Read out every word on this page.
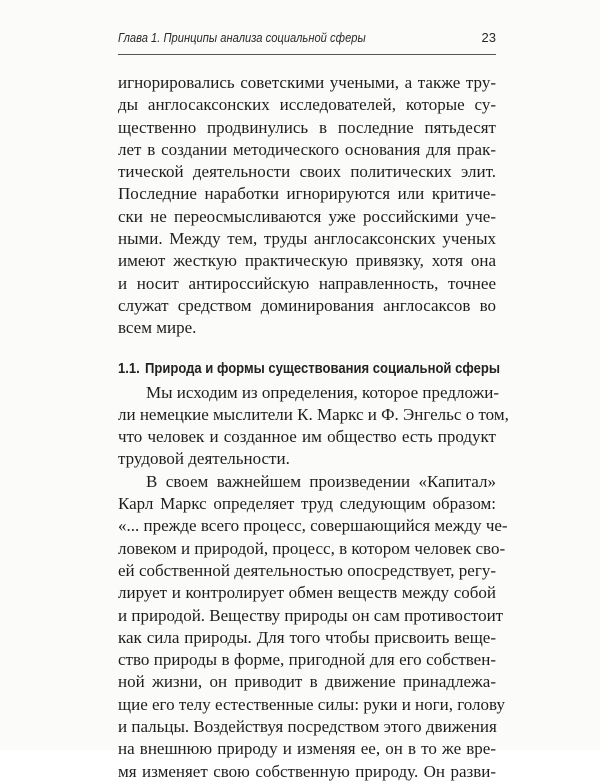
Глава 1. Принципы анализа социальной сферы	23

игнорировались советскими учеными, а также тру-
ды англосаксонских исследователей, которые су-
щественно продвинулись в последние пятьдесят
лет в создании методического основания для прак-
тической деятельности своих политических элит.
Последние наработки игнорируются или критиче-
ски не переосмысливаются уже российскими уче-
ными. Между тем, труды англосаксонских ученых
имеют жесткую практическую привязку, хотя она
и носит антироссийскую направленность, точнее
служат средством доминирования англосаксов во
всем мире.

1.1. Природа и формы существования социальной сферы

Мы исходим из определения, которое предложи-
ли немецкие мыслители К. Маркс и Ф. Энгельс о том,
что человек и созданное им общество есть продукт
трудовой деятельности.

В своем важнейшем произведении «Капитал»
Карл Маркс определяет труд следующим образом:
«... прежде всего процесс, совершающийся между че-
ловеком и природой, процесс, в котором человек сво-
ей собственной деятельностью опосредствует, регу-
лирует и контролирует обмен веществ между собой
и природой. Веществу природы он сам противостоит
как сила природы. Для того чтобы присвоить веще-
ство природы в форме, пригодной для его собствен-
ной жизни, он приводит в движение принадлежа-
щие его телу естественные силы: руки и ноги, голову
и пальцы. Воздействуя посредством этого движения
на внешнюю природу и изменяя ее, он в то же вре-
мя изменяет свою собственную природу. Он разви-
